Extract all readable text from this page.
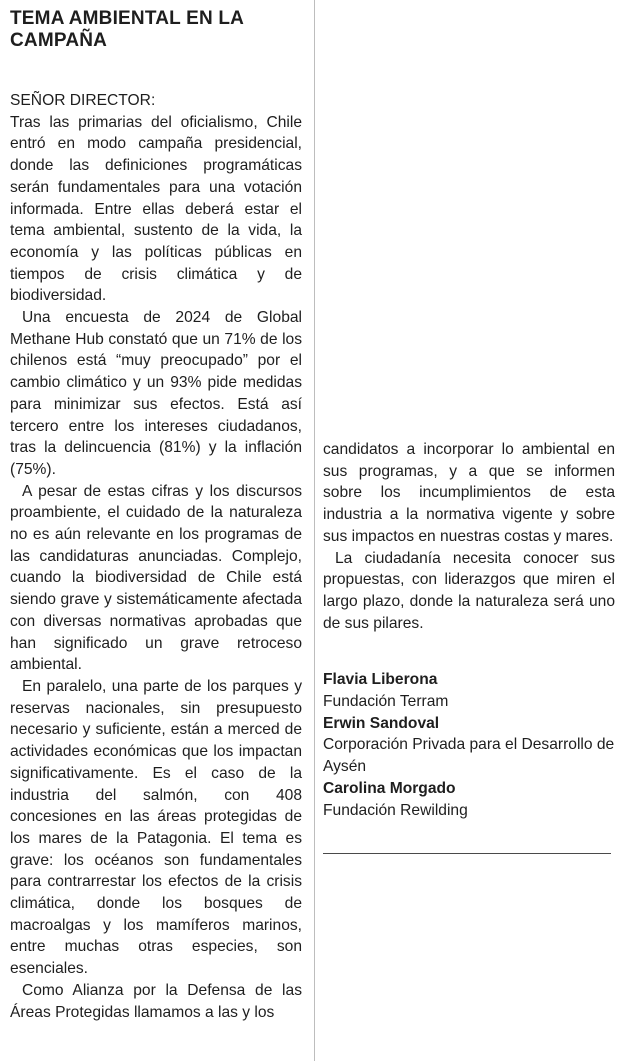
TEMA AMBIENTAL EN LA CAMPAÑA
SEÑOR DIRECTOR:

Tras las primarias del oficialismo, Chile entró en modo campaña presidencial, donde las definiciones programáticas serán fundamentales para una votación informada. Entre ellas deberá estar el tema ambiental, sustento de la vida, la economía y las políticas públicas en tiempos de crisis climática y de biodiversidad.

Una encuesta de 2024 de Global Methane Hub constató que un 71% de los chilenos está “muy preocupado” por el cambio climático y un 93% pide medidas para minimizar sus efectos. Está así tercero entre los intereses ciudadanos, tras la delincuencia (81%) y la inflación (75%).

A pesar de estas cifras y los discursos proambiente, el cuidado de la naturaleza no es aún relevante en los programas de las candidaturas anunciadas. Complejo, cuando la biodiversidad de Chile está siendo grave y sistemáticamente afectada con diversas normativas aprobadas que han significado un grave retroceso ambiental.

En paralelo, una parte de los parques y reservas nacionales, sin presupuesto necesario y suficiente, están a merced de actividades económicas que los impactan significativamente. Es el caso de la industria del salmón, con 408 concesiones en las áreas protegidas de los mares de la Patagonia. El tema es grave: los océanos son fundamentales para contrarrestar los efectos de la crisis climática, donde los bosques de macroalgas y los mamíferos marinos, entre muchas otras especies, son esenciales.

Como Alianza por la Defensa de las Áreas Protegidas llamamos a las y los

candidatos a incorporar lo ambiental en sus programas, y a que se informen sobre los incumplimientos de esta industria a la normativa vigente y sobre sus impactos en nuestras costas y mares.

La ciudadanía necesita conocer sus propuestas, con liderazgos que miren el largo plazo, donde la naturaleza será uno de sus pilares.

Flavia Liberona
Fundación Terram
Erwin Sandoval
Corporación Privada para el Desarrollo de Aysén
Carolina Morgado
Fundación Rewilding
